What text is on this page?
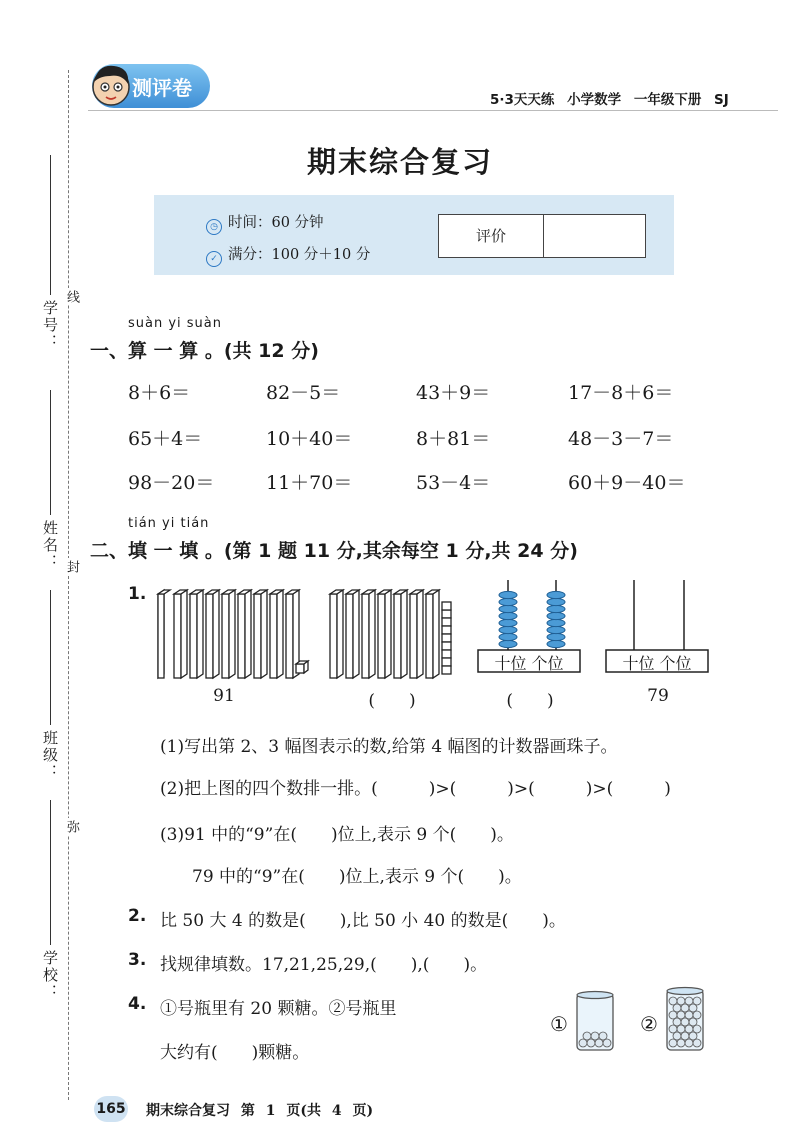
学号：
姓名：
班级：
学校：
线
封
弥
测评卷	5·3天天练 小学数学 一年级下册 SJ
期末综合复习
◷ 时间：60 分钟
✓ 满分：100 分＋10 分
评价
suàn yi suàn
一、算 一 算 。(共 12 分)
8＋6＝	82－5＝	43＋9＝	17－8＋6＝
65＋4＝	10＋40＝	8＋81＝	48－3－7＝
98－20＝	11＋70＝	53－4＝	60＋9－40＝
tián yi tián
二、填 一 填 。(第 1 题 11 分,其余每空 1 分,共 24 分)
1.
十位 个位	十位 个位
91	(　　)	(　　)	79
(1)写出第 2、3 幅图表示的数,给第 4 幅图的计数器画珠子。
(2)把上图的四个数排一排。(　　　)>(　　　)>(　　　)>(　　　)
(3)91 中的“9”在(　　)位上,表示 9 个(　　)。
79 中的“9”在(　　)位上,表示 9 个(　　)。
2. 比 50 大 4 的数是(　　),比 50 小 40 的数是(　　)。
3. 找规律填数。17,21,25,29,(　　),(　　)。
4. ①号瓶里有 20 颗糖。②号瓶里
大约有(　　)颗糖。
①	②
165 期末综合复习 第 1 页(共 4 页)
